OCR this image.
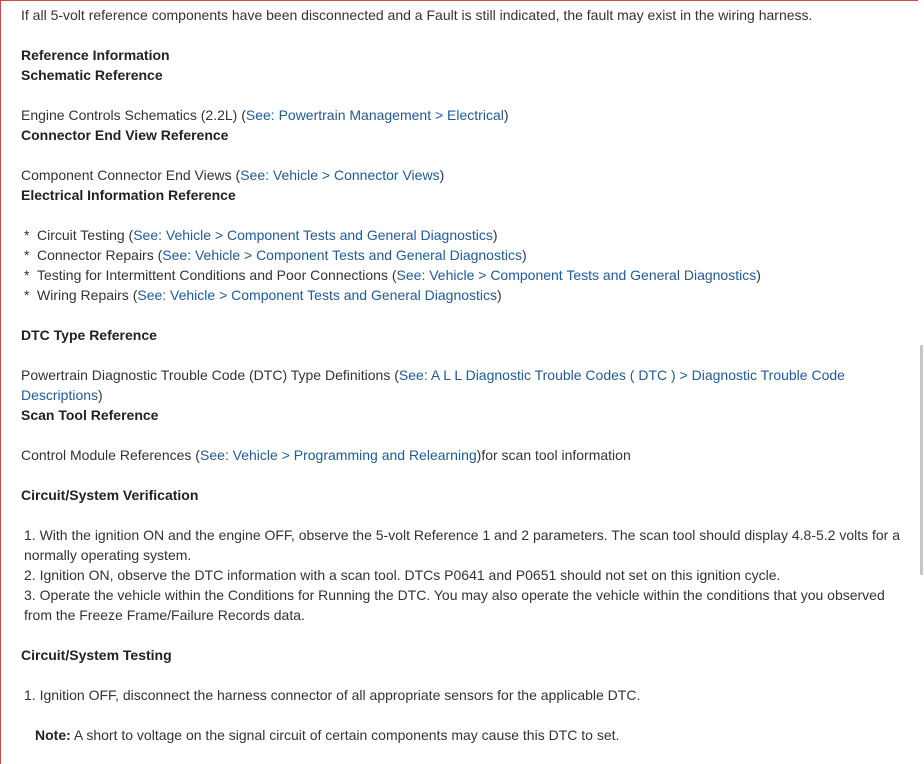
If all 5-volt reference components have been disconnected and a Fault is still indicated, the fault may exist in the wiring harness.
Reference Information
Schematic Reference
Engine Controls Schematics (2.2L) (See: Powertrain Management > Electrical)
Connector End View Reference
Component Connector End Views (See: Vehicle > Connector Views)
Electrical Information Reference
* Circuit Testing (See: Vehicle > Component Tests and General Diagnostics)
* Connector Repairs (See: Vehicle > Component Tests and General Diagnostics)
* Testing for Intermittent Conditions and Poor Connections (See: Vehicle > Component Tests and General Diagnostics)
* Wiring Repairs (See: Vehicle > Component Tests and General Diagnostics)
DTC Type Reference
Powertrain Diagnostic Trouble Code (DTC) Type Definitions (See: A L L Diagnostic Trouble Codes ( DTC ) > Diagnostic Trouble Code Descriptions)
Scan Tool Reference
Control Module References (See: Vehicle > Programming and Relearning)for scan tool information
Circuit/System Verification
1. With the ignition ON and the engine OFF, observe the 5-volt Reference 1 and 2 parameters. The scan tool should display 4.8-5.2 volts for a normally operating system.
2. Ignition ON, observe the DTC information with a scan tool. DTCs P0641 and P0651 should not set on this ignition cycle.
3. Operate the vehicle within the Conditions for Running the DTC. You may also operate the vehicle within the conditions that you observed from the Freeze Frame/Failure Records data.
Circuit/System Testing
1. Ignition OFF, disconnect the harness connector of all appropriate sensors for the applicable DTC.
Note: A short to voltage on the signal circuit of certain components may cause this DTC to set.
